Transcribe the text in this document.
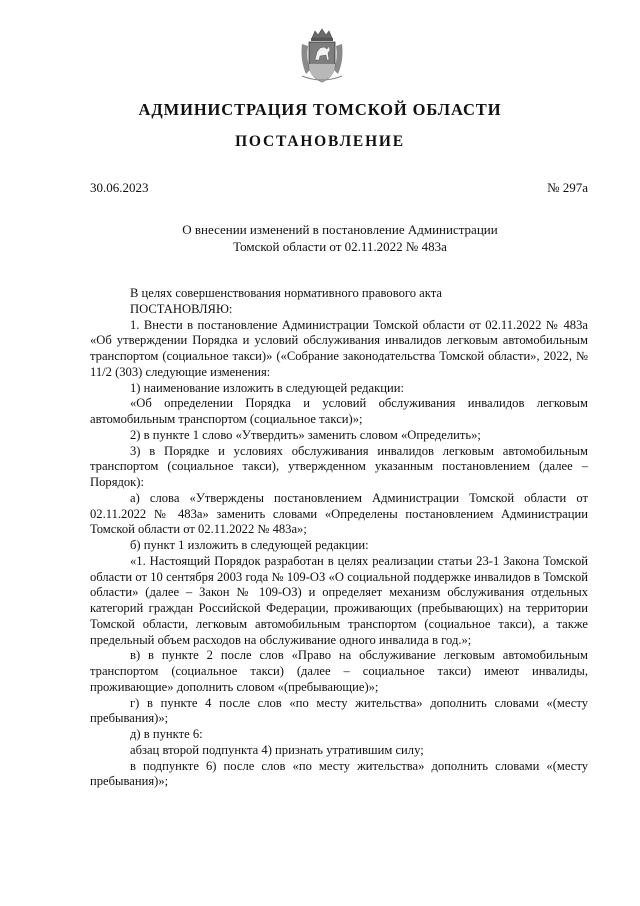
АДМИНИСТРАЦИЯ ТОМСКОЙ ОБЛАСТИ
ПОСТАНОВЛЕНИЕ
30.06.2023	№ 297а
О внесении изменений в постановление Администрации
Томской области от 02.11.2022 № 483а

В целях совершенствования нормативного правового акта

ПОСТАНОВЛЯЮ:

1. Внести в постановление Администрации Томской области от 02.11.2022 № 483а «Об утверждении Порядка и условий обслуживания инвалидов легковым автомобильным транспортом (социальное такси)» («Собрание законодательства Томской области», 2022, № 11/2 (303) следующие изменения:

1) наименование изложить в следующей редакции:

«Об определении Порядка и условий обслуживания инвалидов легковым автомобильным транспортом (социальное такси)»;

2) в пункте 1 слово «Утвердить» заменить словом «Определить»;

3) в Порядке и условиях обслуживания инвалидов легковым автомобильным транспортом (социальное такси), утвержденном указанным постановлением (далее – Порядок):

а) слова «Утверждены постановлением Администрации Томской области от 02.11.2022 № 483а» заменить словами «Определены постановлением Администрации Томской области от 02.11.2022 № 483а»;

б) пункт 1 изложить в следующей редакции:

«1. Настоящий Порядок разработан в целях реализации статьи 23-1 Закона Томской области от 10 сентября 2003 года № 109-ОЗ «О социальной поддержке инвалидов в Томской области» (далее – Закон № 109-ОЗ) и определяет механизм обслуживания отдельных категорий граждан Российской Федерации, проживающих (пребывающих) на территории Томской области, легковым автомобильным транспортом (социальное такси), а также предельный объем расходов на обслуживание одного инвалида в год.»;

в) в пункте 2 после слов «Право на обслуживание легковым автомобильным транспортом (социальное такси) (далее – социальное такси) имеют инвалиды, проживающие» дополнить словом «(пребывающие)»;

г) в пункте 4 после слов «по месту жительства» дополнить словами «(месту пребывания)»;

д) в пункте 6:

абзац второй подпункта 4) признать утратившим силу;

в подпункте 6) после слов «по месту жительства» дополнить словами «(месту пребывания)»;
